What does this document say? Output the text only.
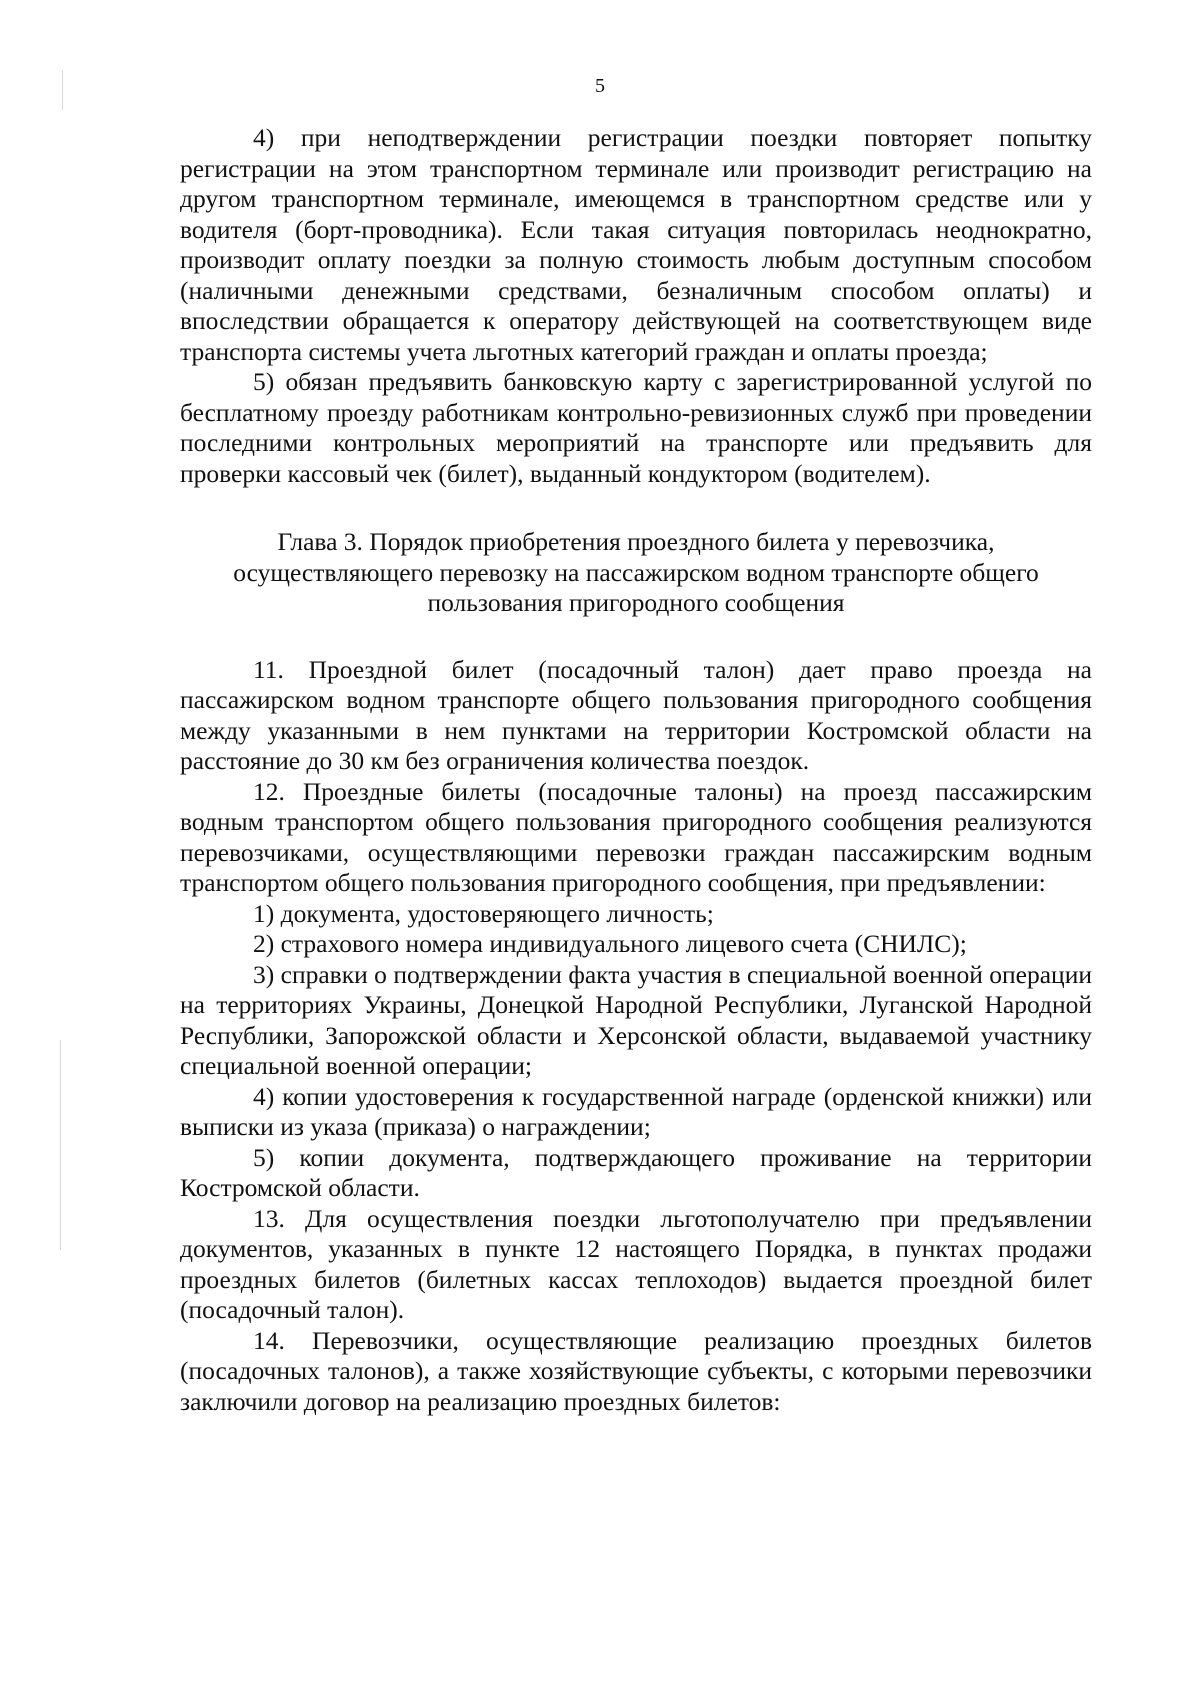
5

4) при неподтверждении регистрации поездки повторяет попытку регистрации на этом транспортном терминале или производит регистрацию на другом транспортном терминале, имеющемся в транспортном средстве или у водителя (борт-проводника). Если такая ситуация повторилась неоднократно, производит оплату поездки за полную стоимость любым доступным способом (наличными денежными средствами, безналичным способом оплаты) и впоследствии обращается к оператору действующей на соответствующем виде транспорта системы учета льготных категорий граждан и оплаты проезда;

5) обязан предъявить банковскую карту с зарегистрированной услугой по бесплатному проезду работникам контрольно-ревизионных служб при проведении последними контрольных мероприятий на транспорте или предъявить для проверки кассовый чек (билет), выданный кондуктором (водителем).

Глава 3. Порядок приобретения проездного билета у перевозчика,
осуществляющего перевозку на пассажирском водном транспорте общего
пользования пригородного сообщения

11. Проездной билет (посадочный талон) дает право проезда на пассажирском водном транспорте общего пользования пригородного сообщения между указанными в нем пунктами на территории Костромской области на расстояние до 30 км без ограничения количества поездок.

12. Проездные билеты (посадочные талоны) на проезд пассажирским водным транспортом общего пользования пригородного сообщения реализуются перевозчиками, осуществляющими перевозки граждан пассажирским водным транспортом общего пользования пригородного сообщения, при предъявлении:

1) документа, удостоверяющего личность;

2) страхового номера индивидуального лицевого счета (СНИЛС);

3) справки о подтверждении факта участия в специальной военной операции на территориях Украины, Донецкой Народной Республики, Луганской Народной Республики, Запорожской области и Херсонской области, выдаваемой участнику специальной военной операции;

4) копии удостоверения к государственной награде (орденской книжки) или выписки из указа (приказа) о награждении;

5) копии документа, подтверждающего проживание на территории Костромской области.

13. Для осуществления поездки льготополучателю при предъявлении документов, указанных в пункте 12 настоящего Порядка, в пунктах продажи проездных билетов (билетных кассах теплоходов) выдается проездной билет (посадочный талон).

14. Перевозчики, осуществляющие реализацию проездных билетов (посадочных талонов), а также хозяйствующие субъекты, с которыми перевозчики заключили договор на реализацию проездных билетов:
